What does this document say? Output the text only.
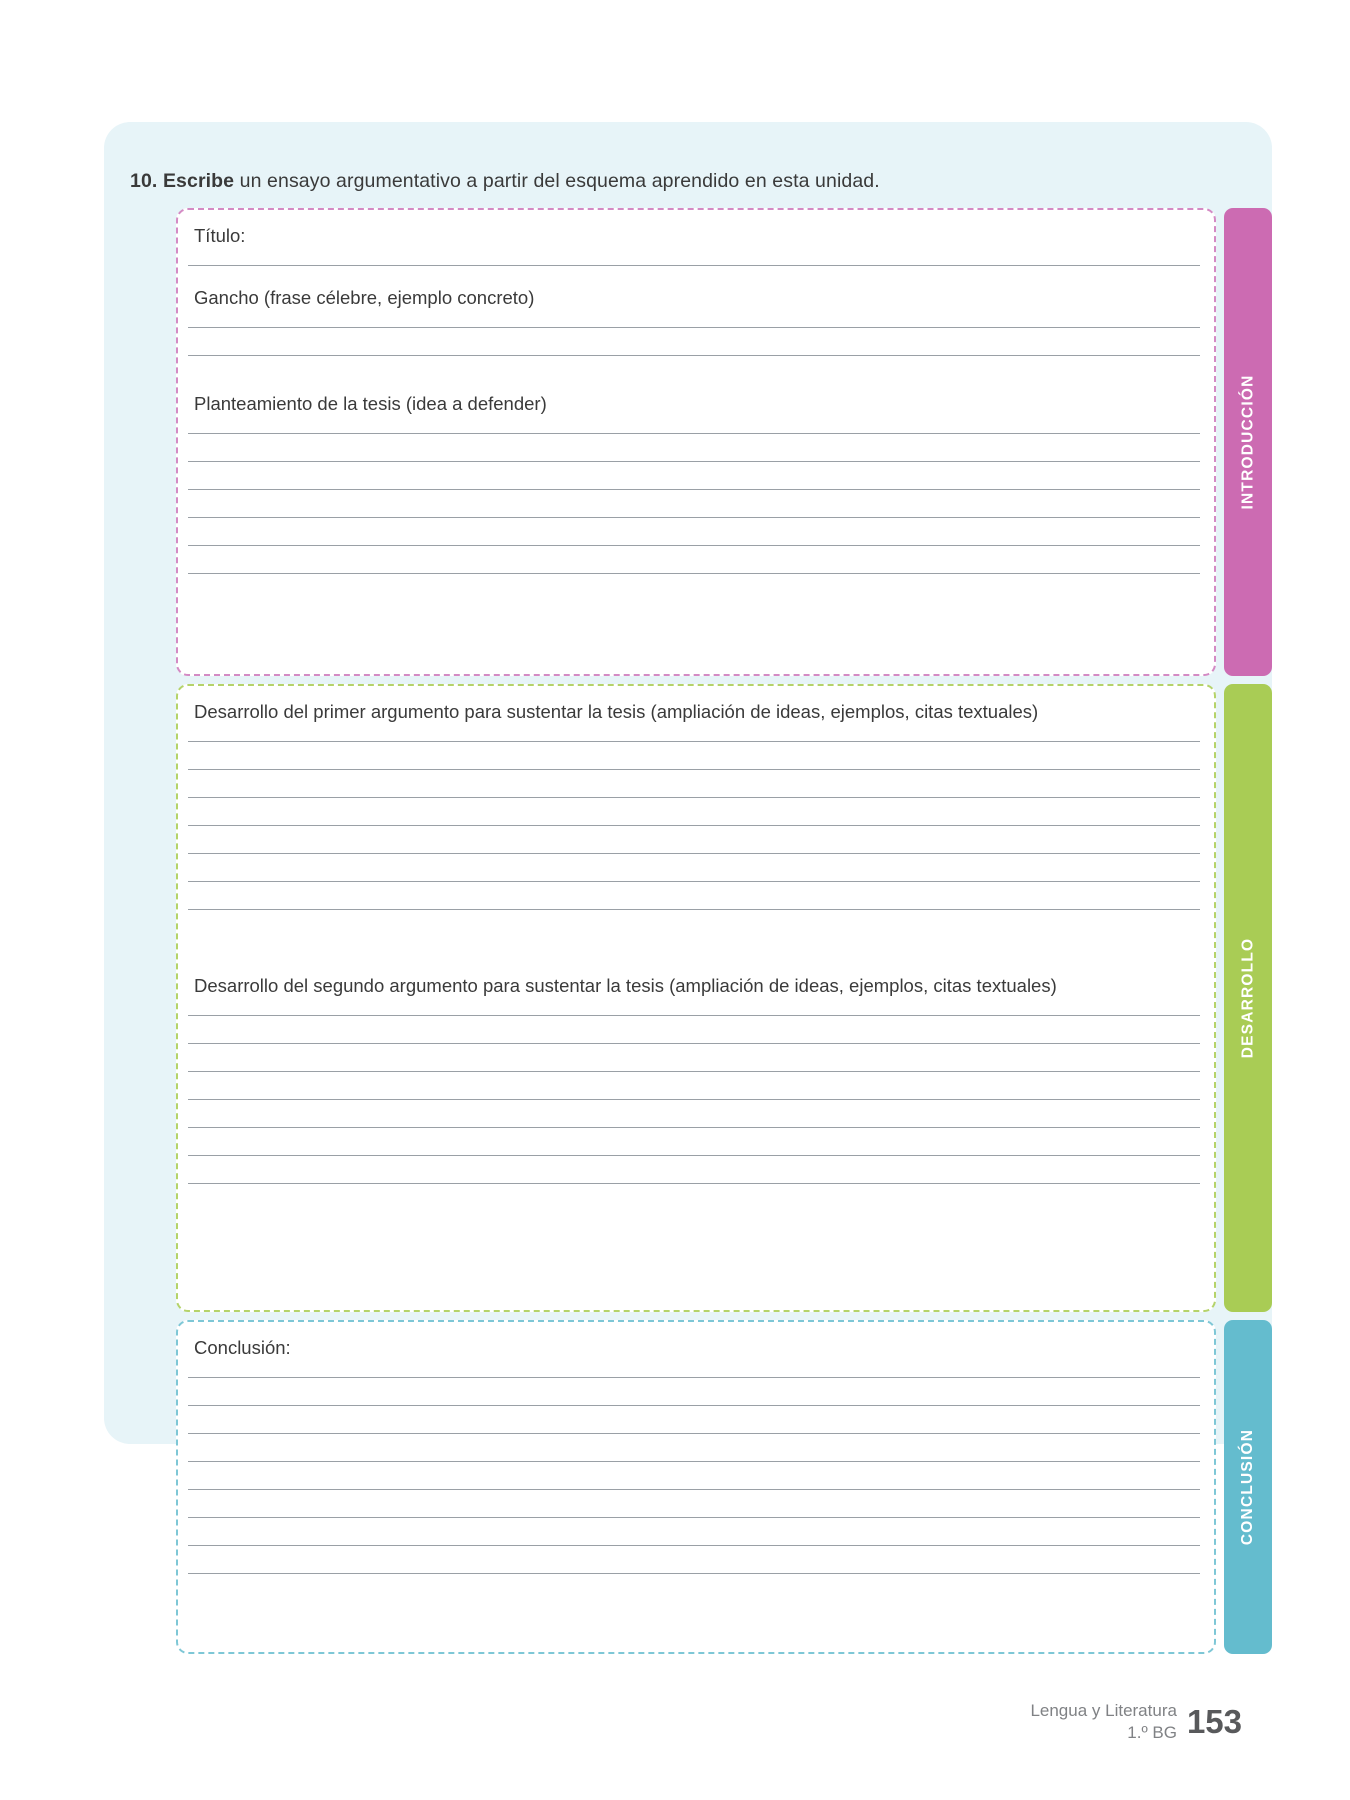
10. Escribe un ensayo argumentativo a partir del esquema aprendido en esta unidad.
Título:
Gancho (frase célebre, ejemplo concreto)
Planteamiento de la tesis (idea a defender)	INTRODUCCIÓN
Desarrollo del primer argumento para sustentar la tesis (ampliación de ideas, ejemplos, citas textuales)
Desarrollo del segundo argumento para sustentar la tesis (ampliación de ideas, ejemplos, citas textuales)	DESARROLLO
Conclusión:
CONCLUSIÓN
Lengua y Literatura
1.º BG 153
